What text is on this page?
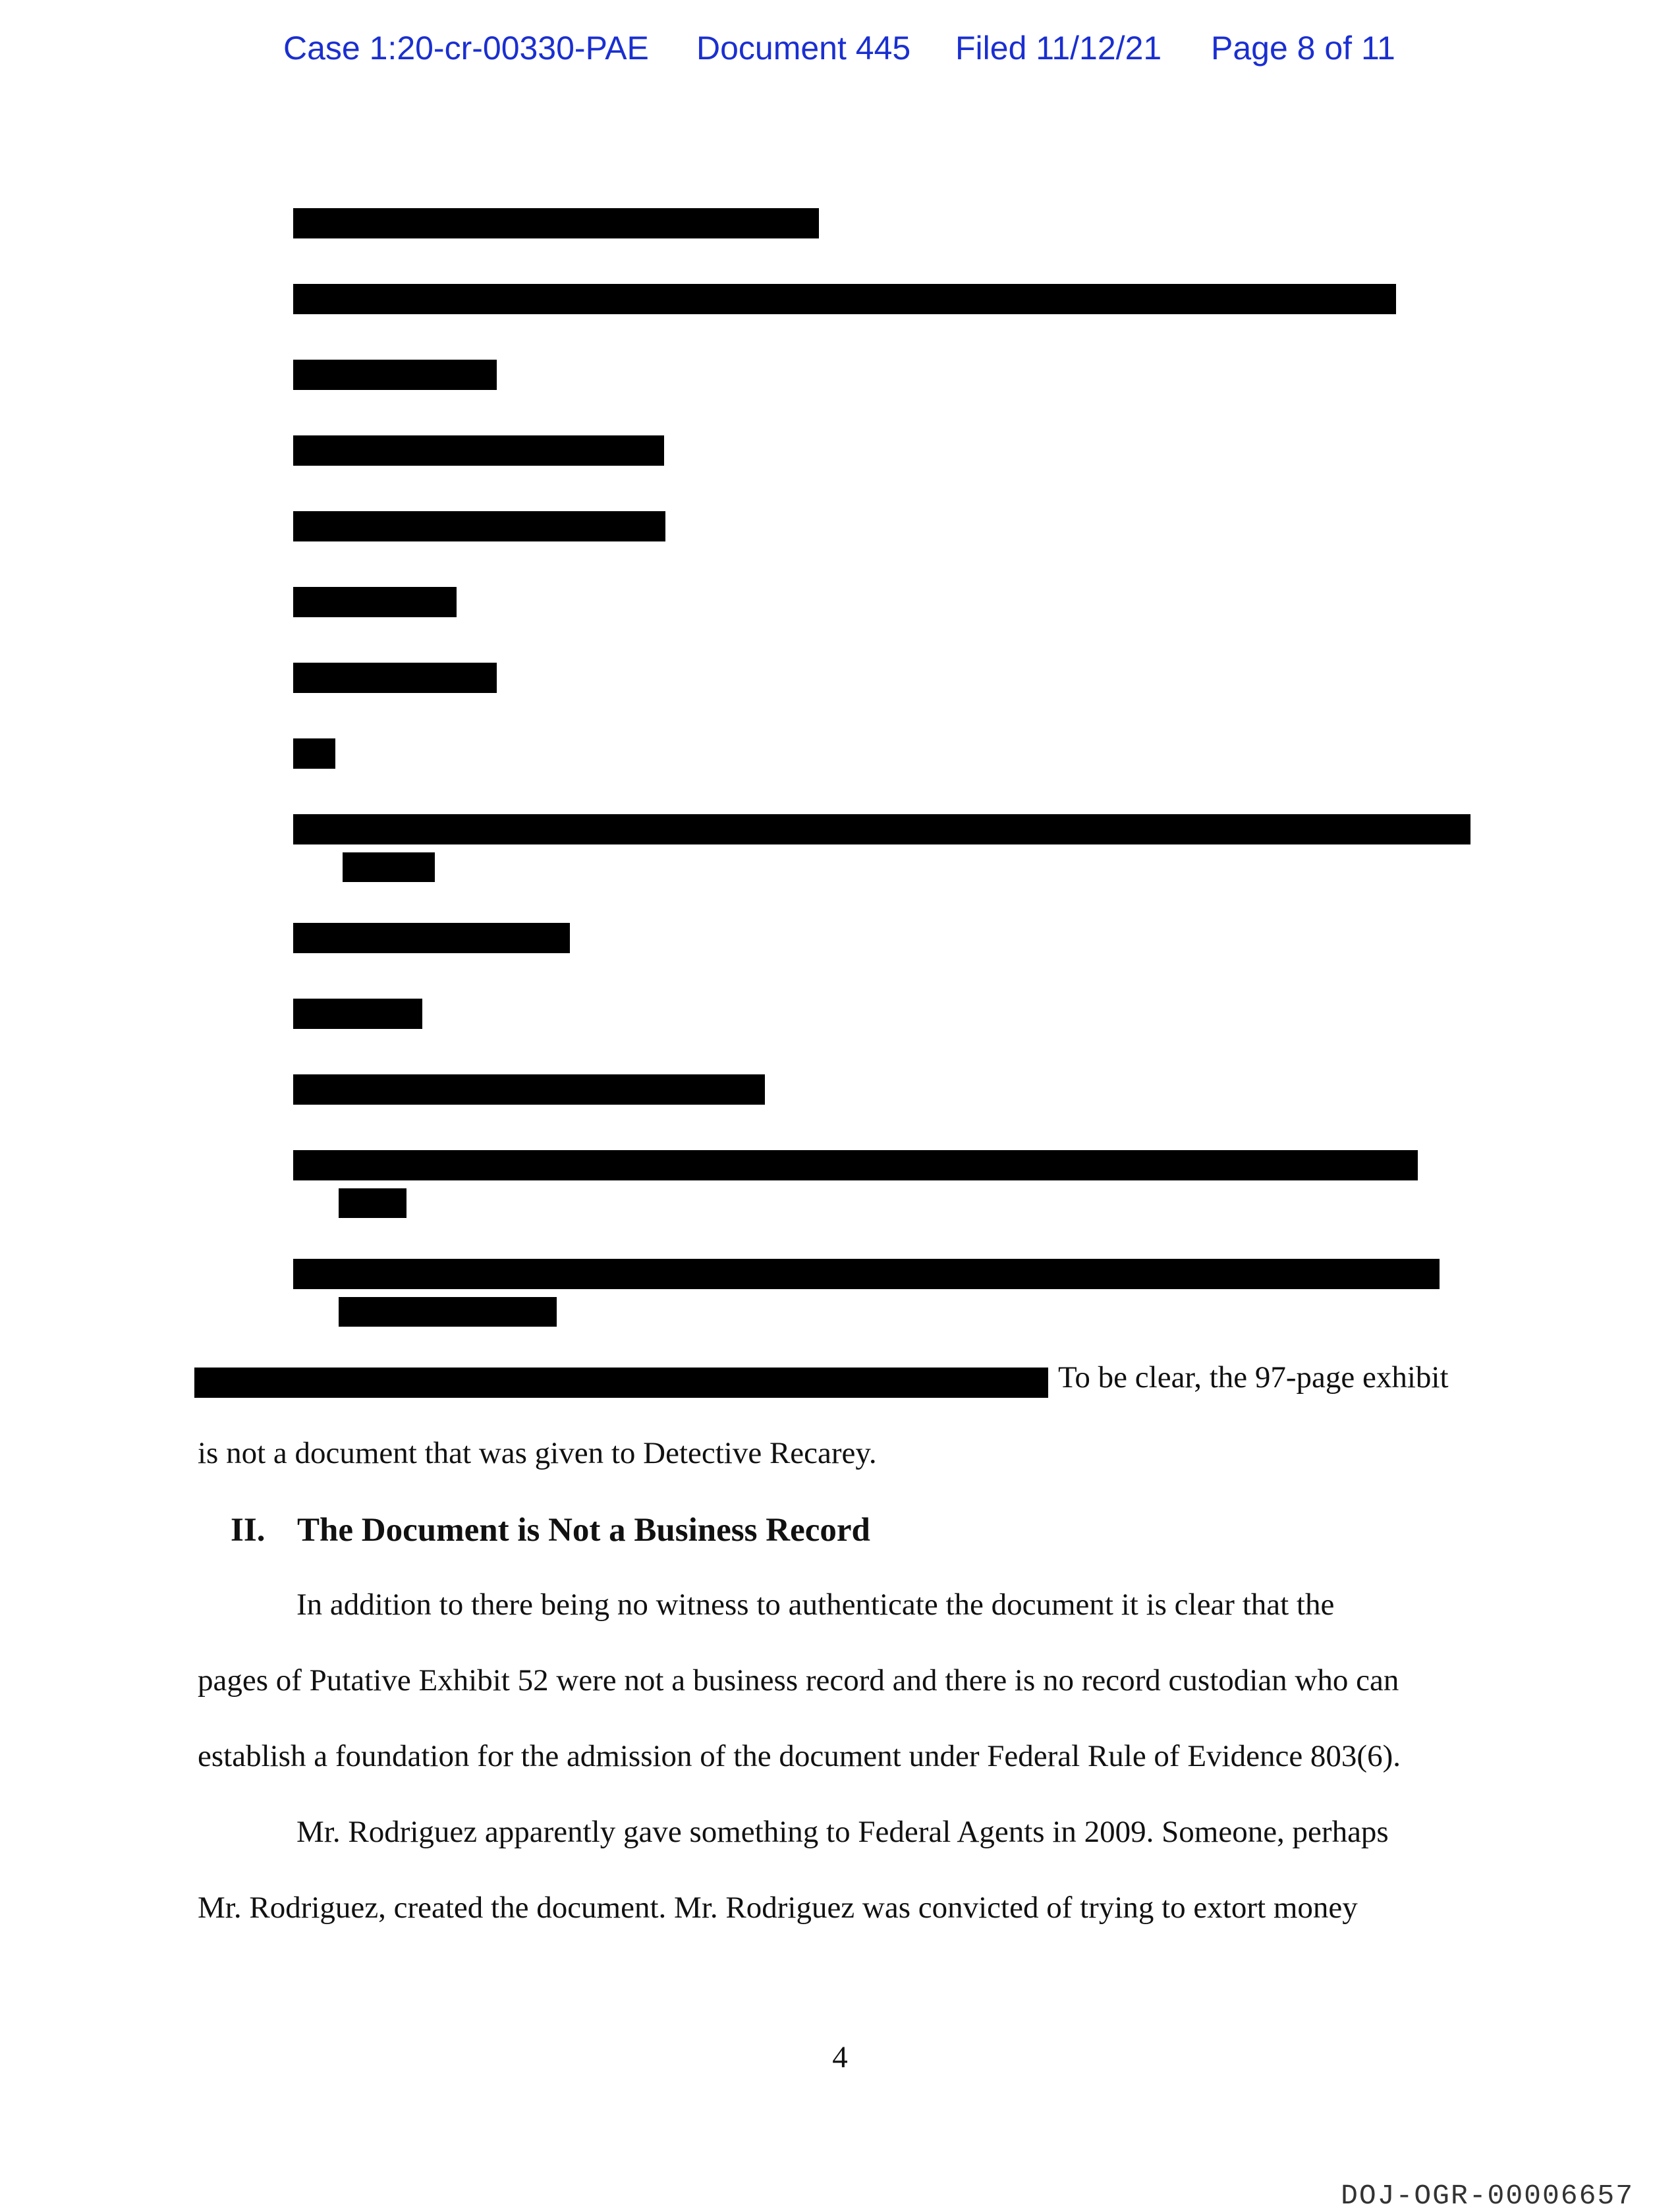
Case 1:20-cr-00330-PAE Document 445 Filed 11/12/21 Page 8 of 11
To be clear, the 97-page exhibit
is not a document that was given to Detective Recarey.
II. The Document is Not a Business Record
In addition to there being no witness to authenticate the document it is clear that the
pages of Putative Exhibit 52 were not a business record and there is no record custodian who can
establish a foundation for the admission of the document under Federal Rule of Evidence 803(6).
Mr. Rodriguez apparently gave something to Federal Agents in 2009. Someone, perhaps
Mr. Rodriguez, created the document. Mr. Rodriguez was convicted of trying to extort money
4
DOJ-OGR-00006657
